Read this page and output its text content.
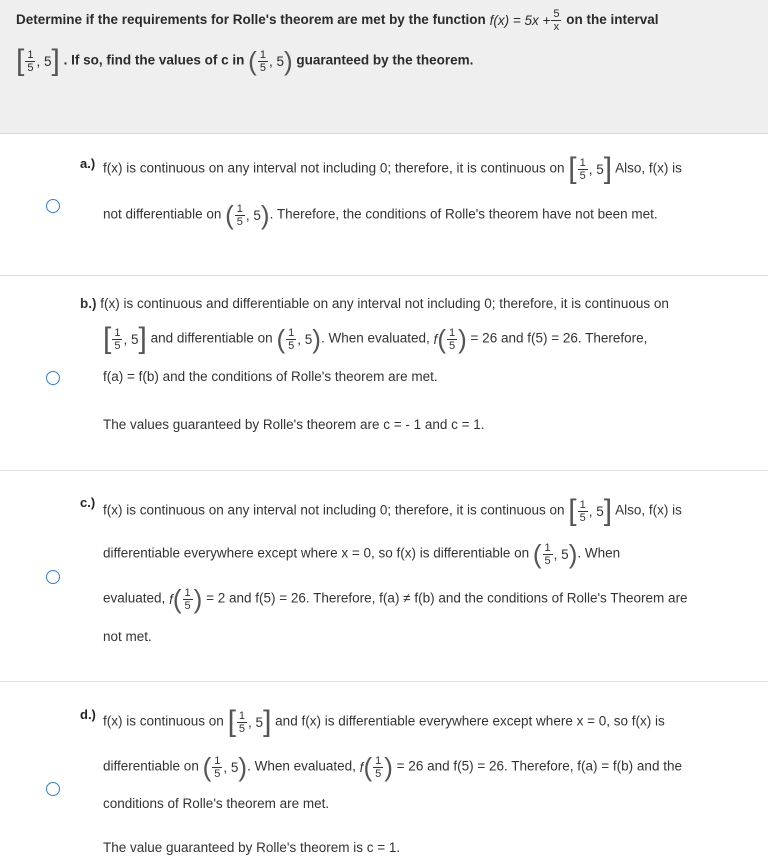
Determine if the requirements for Rolle's theorem are met by the function $f(x) = 5x + \frac{5}{x}$ on the interval
[ $\frac{1}{5}$ , 5 ] . If so, find the values of c in ( $\frac{1}{5}$ , 5 ) guaranteed by the theorem.
a.) f(x) is continuous on any interval not including 0; therefore, it is continuous on [ $\frac{1}{5}$ , 5 ] Also, f(x) is
not differentiable on ( $\frac{1}{5}$ , 5 ) . Therefore, the conditions of Rolle's theorem have not been met.
b.) f(x) is continuous and differentiable on any interval not including 0; therefore, it is continuous on
[ $\frac{1}{5}$ , 5 ] and differentiable on ( $\frac{1}{5}$ , 5 ) . When evaluated, f ( $\frac{1}{5}$ ) = 26 and f(5) = 26. Therefore,
f(a) = f(b) and the conditions of Rolle's theorem are met.
The values guaranteed by Rolle's theorem are c = - 1 and c = 1.
c.)
f(x) is continuous on any interval not including 0; therefore, it is continuous on [ $\frac{1}{5}$ , 5 ] Also, f(x) is
differentiable everywhere except where x = 0, so f(x) is differentiable on ( $\frac{1}{5}$ , 5 ) . When
evaluated, f ( $\frac{1}{5}$ ) = 2 and f(5) = 26. Therefore, f(a) ≠ f(b) and the conditions of Rolle's Theorem are
not met.
d.) f(x) is continuous on [ $\frac{1}{5}$ , 5 ] and f(x) is differentiable everywhere except where x = 0, so f(x) is
differentiable on ( $\frac{1}{5}$ , 5 ) . When evaluated, f ( $\frac{1}{5}$ ) = 26 and f(5) = 26. Therefore, f(a) = f(b) and the
conditions of Rolle's theorem are met.
The value guaranteed by Rolle's theorem is c = 1.
